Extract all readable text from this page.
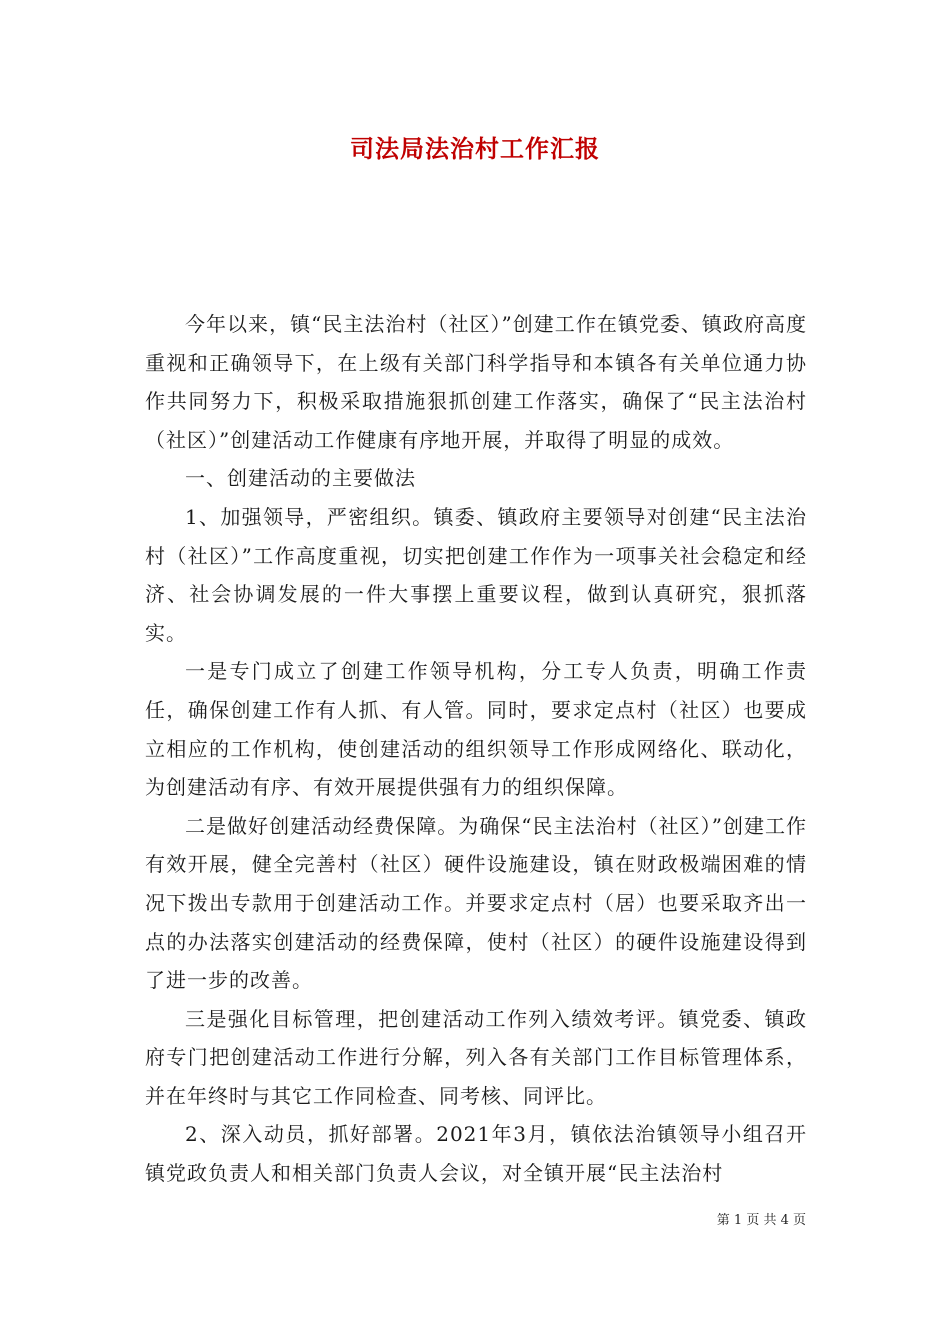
司法局法治村工作汇报

今年以来，镇“民主法治村（社区）”创建工作在镇党委、镇政府高度重视和正确领导下，在上级有关部门科学指导和本镇各有关单位通力协作共同努力下，积极采取措施狠抓创建工作落实，确保了“民主法治村（社区）”创建活动工作健康有序地开展，并取得了明显的成效。

一、创建活动的主要做法

1、加强领导，严密组织。镇委、镇政府主要领导对创建“民主法治村（社区）”工作高度重视，切实把创建工作作为一项事关社会稳定和经济、社会协调发展的一件大事摆上重要议程，做到认真研究，狠抓落实。

一是专门成立了创建工作领导机构，分工专人负责，明确工作责任，确保创建工作有人抓、有人管。同时，要求定点村（社区）也要成立相应的工作机构，使创建活动的组织领导工作形成网络化、联动化，为创建活动有序、有效开展提供强有力的组织保障。

二是做好创建活动经费保障。为确保“民主法治村（社区）”创建工作有效开展，健全完善村（社区）硬件设施建设，镇在财政极端困难的情况下拨出专款用于创建活动工作。并要求定点村（居）也要采取齐出一点的办法落实创建活动的经费保障，使村（社区）的硬件设施建设得到了进一步的改善。

三是强化目标管理，把创建活动工作列入绩效考评。镇党委、镇政府专门把创建活动工作进行分解，列入各有关部门工作目标管理体系，并在年终时与其它工作同检查、同考核、同评比。

2、深入动员，抓好部署。2021年3月，镇依法治镇领导小组召开镇党政负责人和相关部门负责人会议，对全镇开展“民主法治村

第 1 页 共 4 页
